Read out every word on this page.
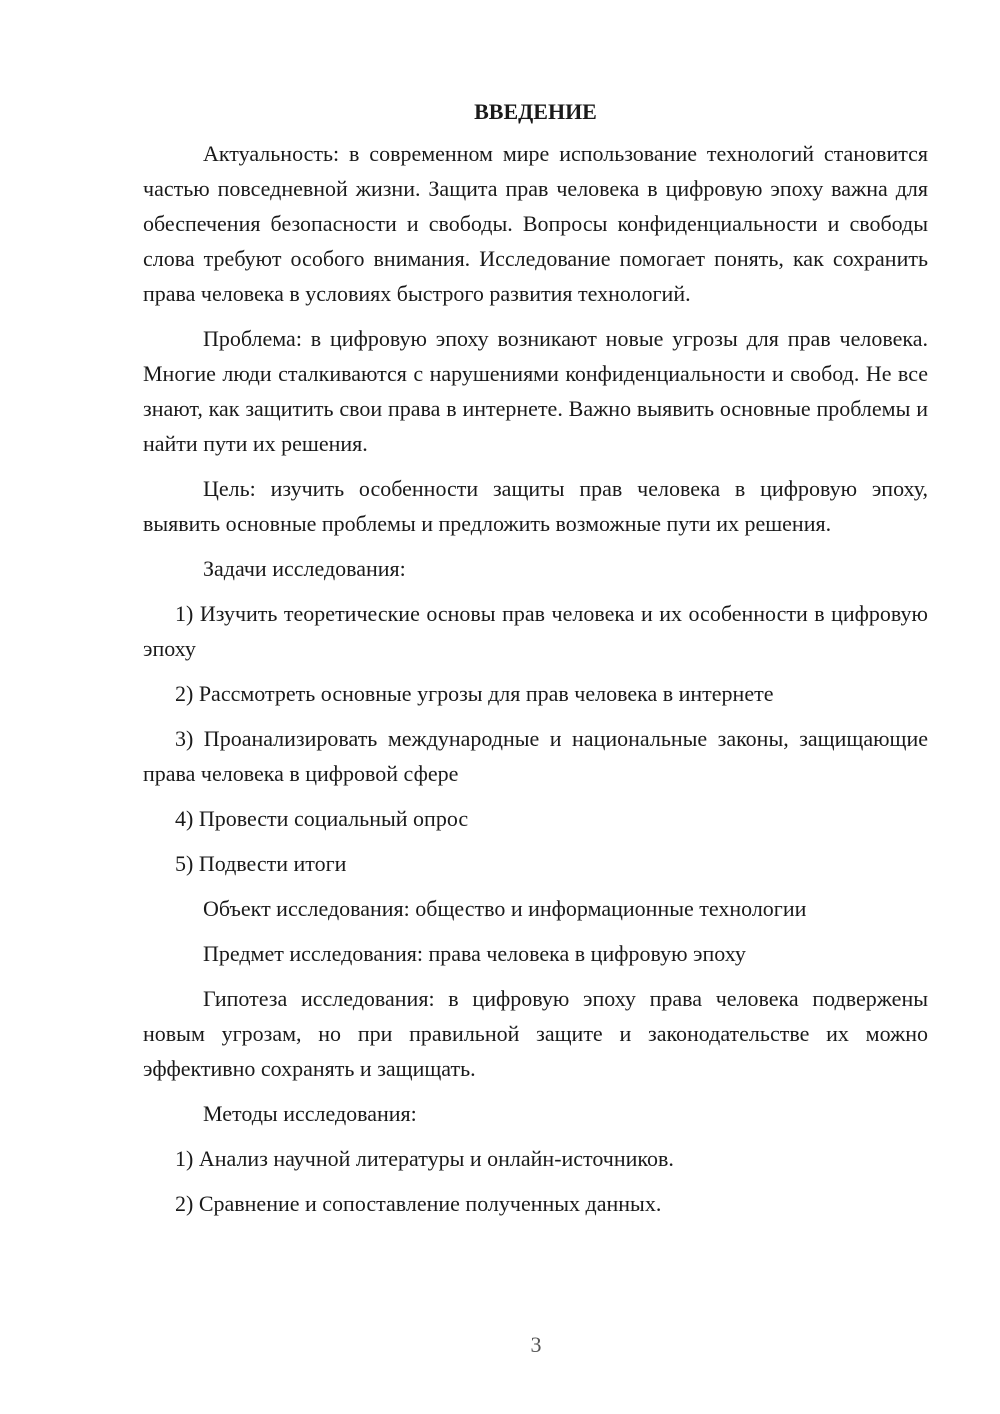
ВВЕДЕНИЕ

Актуальность: в современном мире использование технологий становится частью повседневной жизни. Защита прав человека в цифровую эпоху важна для обеспечения безопасности и свободы. Вопросы конфиденциальности и свободы слова требуют особого внимания. Исследование помогает понять, как сохранить права человека в условиях быстрого развития технологий.

Проблема: в цифровую эпоху возникают новые угрозы для прав человека. Многие люди сталкиваются с нарушениями конфиденциальности и свобод. Не все знают, как защитить свои права в интернете. Важно выявить основные проблемы и найти пути их решения.

Цель: изучить особенности защиты прав человека в цифровую эпоху, выявить основные проблемы и предложить возможные пути их решения.

Задачи исследования:

1) Изучить теоретические основы прав человека и их особенности в цифровую эпоху

2) Рассмотреть основные угрозы для прав человека в интернете

3) Проанализировать международные и национальные законы, защищающие права человека в цифровой сфере

4) Провести социальный опрос

5) Подвести итоги

Объект исследования: общество и информационные технологии

Предмет исследования: права человека в цифровую эпоху

Гипотеза исследования: в цифровую эпоху права человека подвержены новым угрозам, но при правильной защите и законодательстве их можно эффективно сохранять и защищать.

Методы исследования:

1) Анализ научной литературы и онлайн-источников.

2) Сравнение и сопоставление полученных данных.

3
